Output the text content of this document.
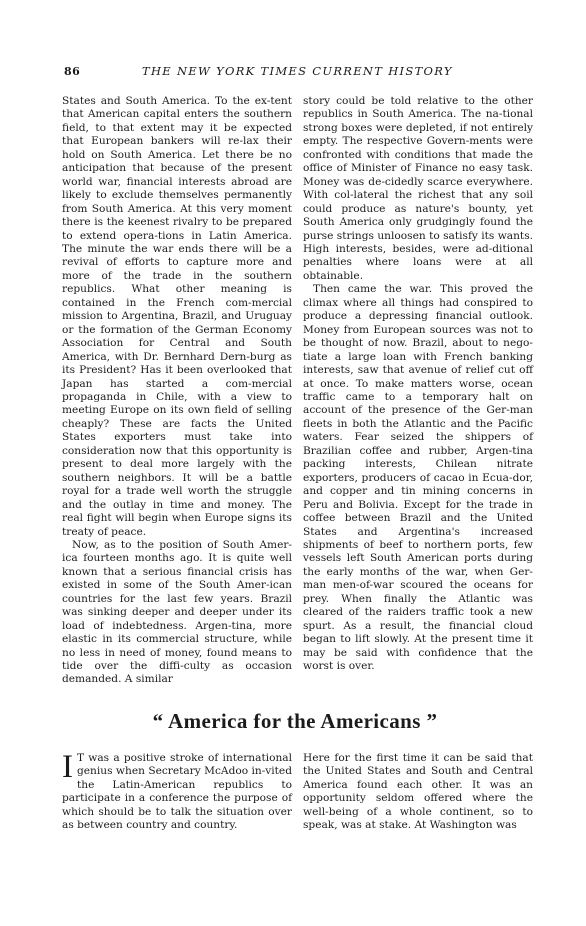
86	THE NEW YORK TIMES CURRENT HISTORY

States and South America. To the ex-tent that American capital enters the southern field, to that extent may it be expected that European bankers will re-lax their hold on South America. Let there be no anticipation that because of the present world war, financial interests abroad are likely to exclude themselves permanently from South America. At this very moment there is the keenest rivalry to be prepared to extend opera-tions in Latin America. The minute the war ends there will be a revival of efforts to capture more and more of the trade in the southern republics. What other meaning is contained in the French com-mercial mission to Argentina, Brazil, and Uruguay or the formation of the German Economy Association for Central and South America, with Dr. Bernhard Dern-burg as its President? Has it been overlooked that Japan has started a com-mercial propaganda in Chile, with a view to meeting Europe on its own field of selling cheaply? These are facts the United States exporters must take into consideration now that this opportunity is present to deal more largely with the southern neighbors. It will be a battle royal for a trade well worth the struggle and the outlay in time and money. The real fight will begin when Europe signs its treaty of peace.

Now, as to the position of South Amer-ica fourteen months ago. It is quite well known that a serious financial crisis has existed in some of the South Amer-ican countries for the last few years. Brazil was sinking deeper and deeper under its load of indebtedness. Argen-tina, more elastic in its commercial structure, while no less in need of money, found means to tide over the diffi-culty as occasion demanded. A similar

story could be told relative to the other republics in South America. The na-tional strong boxes were depleted, if not entirely empty. The respective Govern-ments were confronted with conditions that made the office of Minister of Finance no easy task. Money was de-cidedly scarce everywhere. With col-lateral the richest that any soil could produce as nature's bounty, yet South America only grudgingly found the purse strings unloosen to satisfy its wants. High interests, besides, were ad-ditional penalties where loans were at all obtainable.

Then came the war. This proved the climax where all things had conspired to produce a depressing financial outlook. Money from European sources was not to be thought of now. Brazil, about to nego-tiate a large loan with French banking interests, saw that avenue of relief cut off at once. To make matters worse, ocean traffic came to a temporary halt on account of the presence of the Ger-man fleets in both the Atlantic and the Pacific waters. Fear seized the shippers of Brazilian coffee and rubber, Argen-tina packing interests, Chilean nitrate exporters, producers of cacao in Ecua-dor, and copper and tin mining concerns in Peru and Bolivia. Except for the trade in coffee between Brazil and the United States and Argentina's increased shipments of beef to northern ports, few vessels left South American ports during the early months of the war, when Ger-man men-of-war scoured the oceans for prey. When finally the Atlantic was cleared of the raiders traffic took a new spurt. As a result, the financial cloud began to lift slowly. At the present time it may be said with confidence that the worst is over.

“ America for the Americans ”

I T was a positive stroke of international genius when Secretary McAdoo in-vited the Latin-American republics to participate in a conference the purpose of which should be to talk the situation over as between country and country.

Here for the first time it can be said that the United States and South and Central America found each other. It was an opportunity seldom offered where the well-being of a whole continent, so to speak, was at stake. At Washington was
